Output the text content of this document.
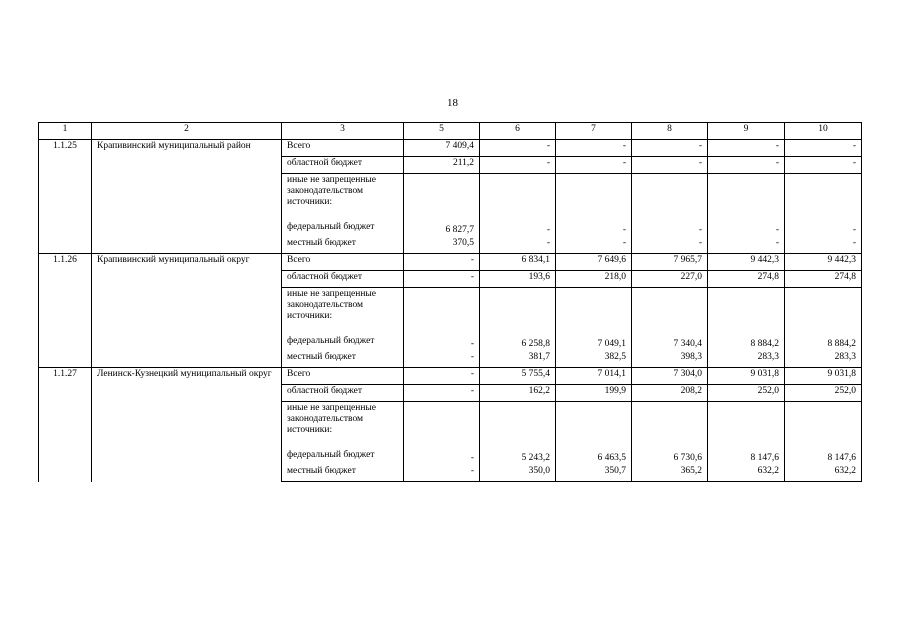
18
1	2	3	5	6	7	8	9	10
1.1.25	Крапивинский муниципальный район	Всего	7 409,4	-	-	-	-	-
		областной бюджет	211,2	-	-	-	-	-
		иные не запрещенные законодательством источники:						
		федеральный бюджет	6 827,7	-	-	-	-	-
		местный бюджет	370,5	-	-	-	-	-
1.1.26	Крапивинский муниципальный округ	Всего	-	6 834,1	7 649,6	7 965,7	9 442,3	9 442,3
		областной бюджет	-	193,6	218,0	227,0	274,8	274,8
		иные не запрещенные законодательством источники:						
		федеральный бюджет	-	6 258,8	7 049,1	7 340,4	8 884,2	8 884,2
		местный бюджет	-	381,7	382,5	398,3	283,3	283,3
1.1.27	Ленинск-Кузнецкий муниципальный округ	Всего	-	5 755,4	7 014,1	7 304,0	9 031,8	9 031,8
		областной бюджет	-	162,2	199,9	208,2	252,0	252,0
		иные не запрещенные законодательством источники:						
		федеральный бюджет	-	5 243,2	6 463,5	6 730,6	8 147,6	8 147,6
		местный бюджет	-	350,0	350,7	365,2	632,2	632,2
